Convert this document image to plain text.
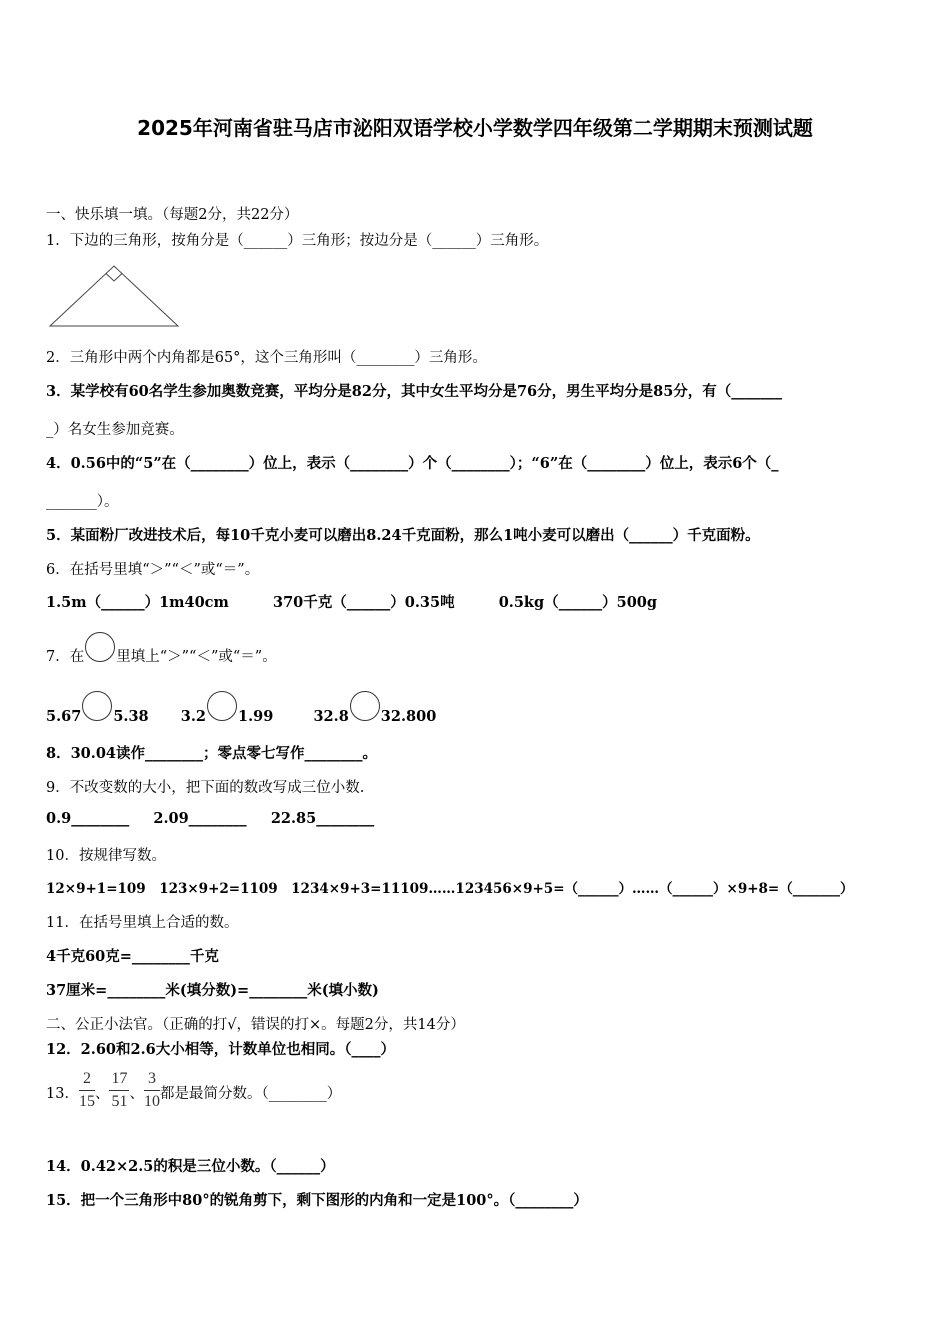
2025年河南省驻马店市泌阳双语学校小学数学四年级第二学期期末预测试题
一、快乐填一填。（每题2分，共22分）
1．下边的三角形，按角分是（______）三角形；按边分是（______）三角形。
2．三角形中两个内角都是65°，这个三角形叫（________）三角形。
3．某学校有60名学生参加奥数竞赛，平均分是82分，其中女生平均分是76分，男生平均分是85分，有（_______
_）名女生参加竞赛。
4．0.56中的“5”在（________）位上，表示（________）个（________）；“6”在（________）位上，表示6个（_
_______）。
5．某面粉厂改进技术后，每10千克小麦可以磨出8.24千克面粉，那么1吨小麦可以磨出（______）千克面粉。
6．在括号里填“＞”“＜”或“＝”。
1.5m（______）1m40cm	370千克（______）0.35吨	0.5kg（______）500g
7．在 里填上“＞”“＜”或“＝”。
5.67 5.38 3.2 1.99	32.8 32.800
8．30.04读作________；零点零七写作________。
9．不改变数的大小，把下面的数改写成三位小数.
0.9________ 2.09________ 22.85________
10．按规律写数。
12×9+1=109　123×9+2=1109　1234×9+3=11109……123456×9+5=（______）……（______）×9+8=（_______）
11．在括号里填上合适的数。
4千克60克=________千克
37厘米=________米(填分数)=________米(填小数)
二、公正小法官。（正确的打√，错误的打×。每题2分，共14分）
12．2.60和2.6大小相等，计数单位也相同。（____）
13． $\frac{2}{15}$ 、 $\frac{17}{51}$ 、 $\frac{3}{10}$ 都是最简分数。（________）
14．0.42×2.5的积是三位小数。（______）
15．把一个三角形中80°的锐角剪下，剩下图形的内角和一定是100°。（________）
